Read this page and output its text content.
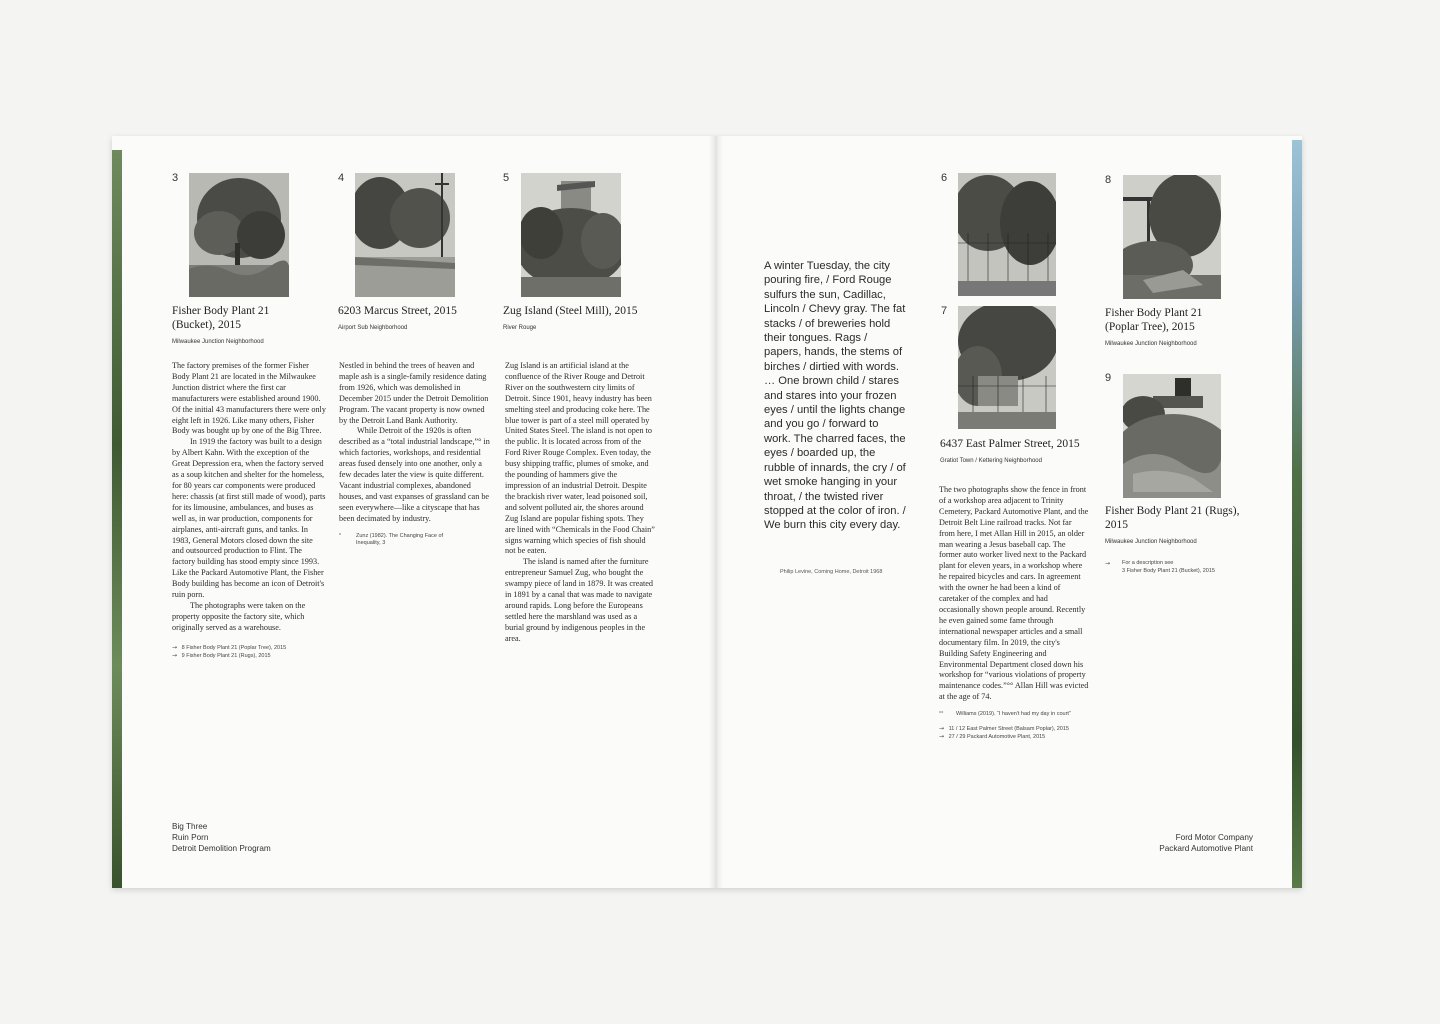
3
Fisher Body Plant 21
(Bucket), 2015
Milwaukee Junction Neighborhood
4
6203 Marcus Street, 2015
Airport Sub Neighborhood
5
Zug Island (Steel Mill), 2015
River Rouge

The factory premises of the former Fisher Body Plant 21 are located in the Milwaukee Junction district where the first car manufacturers were established around 1900. Of the initial 43 manufacturers there were only eight left in 1926. Like many others, Fisher Body was bought up by one of the Big Three.

In 1919 the factory was built to a design by Albert Kahn. With the exception of the Great Depression era, when the factory served as a soup kitchen and shelter for the homeless, for 80 years car components were produced here: chassis (at first still made of wood), parts for its limousine, ambulances, and buses as well as, in war production, components for airplanes, anti-aircraft guns, and tanks. In 1983, General Motors closed down the site and outsourced production to Flint. The factory building has stood empty since 1993. Like the Packard Automotive Plant, the Fisher Body building has become an icon of Detroit's ruin porn.

The photographs were taken on the property opposite the factory site, which originally served as a warehouse.

→ 8 Fisher Body Plant 21 (Poplar Tree), 2015
→ 9 Fisher Body Plant 21 (Rugs), 2015

Nestled in behind the trees of heaven and maple ash is a single-family residence dating from 1926, which was demolished in December 2015 under the Detroit Demolition Program. The vacant property is now owned by the Detroit Land Bank Authority.

While Detroit of the 1920s is often described as a “total industrial landscape,”° in which factories, workshops, and residential areas fused densely into one another, only a few decades later the view is quite different. Vacant industrial complexes, abandoned houses, and vast expanses of grassland can be seen everywhere—like a cityscape that has been decimated by industry.

°	Zunz (1982). The Changing Face of Inequality, 3

Zug Island is an artificial island at the confluence of the River Rouge and Detroit River on the southwestern city limits of Detroit. Since 1901, heavy industry has been smelting steel and producing coke here. The blue tower is part of a steel mill operated by United States Steel. The island is not open to the public. It is located across from of the Ford River Rouge Complex. Even today, the busy shipping traffic, plumes of smoke, and the pounding of hammers give the impression of an industrial Detroit. Despite the brackish river water, lead poisoned soil, and solvent polluted air, the shores around Zug Island are popular fishing spots. They are lined with “Chemicals in the Food Chain” signs warning which species of fish should not be eaten.

The island is named after the furniture entrepreneur Samuel Zug, who bought the swampy piece of land in 1879. It was created in 1891 by a canal that was made to navigate around rapids. Long before the Europeans settled here the marshland was used as a burial ground by indigenous peoples in the area.

Big Three
Ruin Porn
Detroit Demolition Program
A winter Tuesday, the city pouring fire, / Ford Rouge sulfurs the sun, Cadillac, Lincoln / Chevy gray. The fat stacks / of breweries hold their tongues. Rags / papers, hands, the stems of birches / dirtied with words. … One brown child / stares and stares into your frozen eyes / until the lights change and you go / forward to work. The charred faces, the eyes / boarded up, the rubble of innards, the cry / of wet smoke hanging in your throat, / the twisted river stopped at the color of iron. / We burn this city every day.
Philip Levine, Coming Home, Detroit 1968
6
7
6437 East Palmer Street, 2015
Gratiot Town / Kettering Neighborhood

The two photographs show the fence in front of a workshop area adjacent to Trinity Cemetery, Packard Automotive Plant, and the Detroit Belt Line railroad tracks. Not far from here, I met Allan Hill in 2015, an older man wearing a Jesus baseball cap. The former auto worker lived next to the Packard plant for eleven years, in a workshop where he repaired bicycles and cars. In agreement with the owner he had been a kind of caretaker of the complex and had occasionally shown people around. Recently he even gained some fame through international newspaper articles and a small documentary film. In 2019, the city's Building Safety Engineering and Environmental Department closed down his workshop for “various violations of property maintenance codes.”°° Allan Hill was evicted at the age of 74.

°°	Williams (2019). “I haven't had my day in court”
→ 11 / 12 East Palmer Street (Balsam Poplar), 2015
→ 27 / 29 Packard Automotive Plant, 2015
8
Fisher Body Plant 21
(Poplar Tree), 2015
Milwaukee Junction Neighborhood
9
Fisher Body Plant 21 (Rugs),
2015
Milwaukee Junction Neighborhood
→	For a description see
3 Fisher Body Plant 21 (Bucket), 2015
Ford Motor Company
Packard Automotive Plant
